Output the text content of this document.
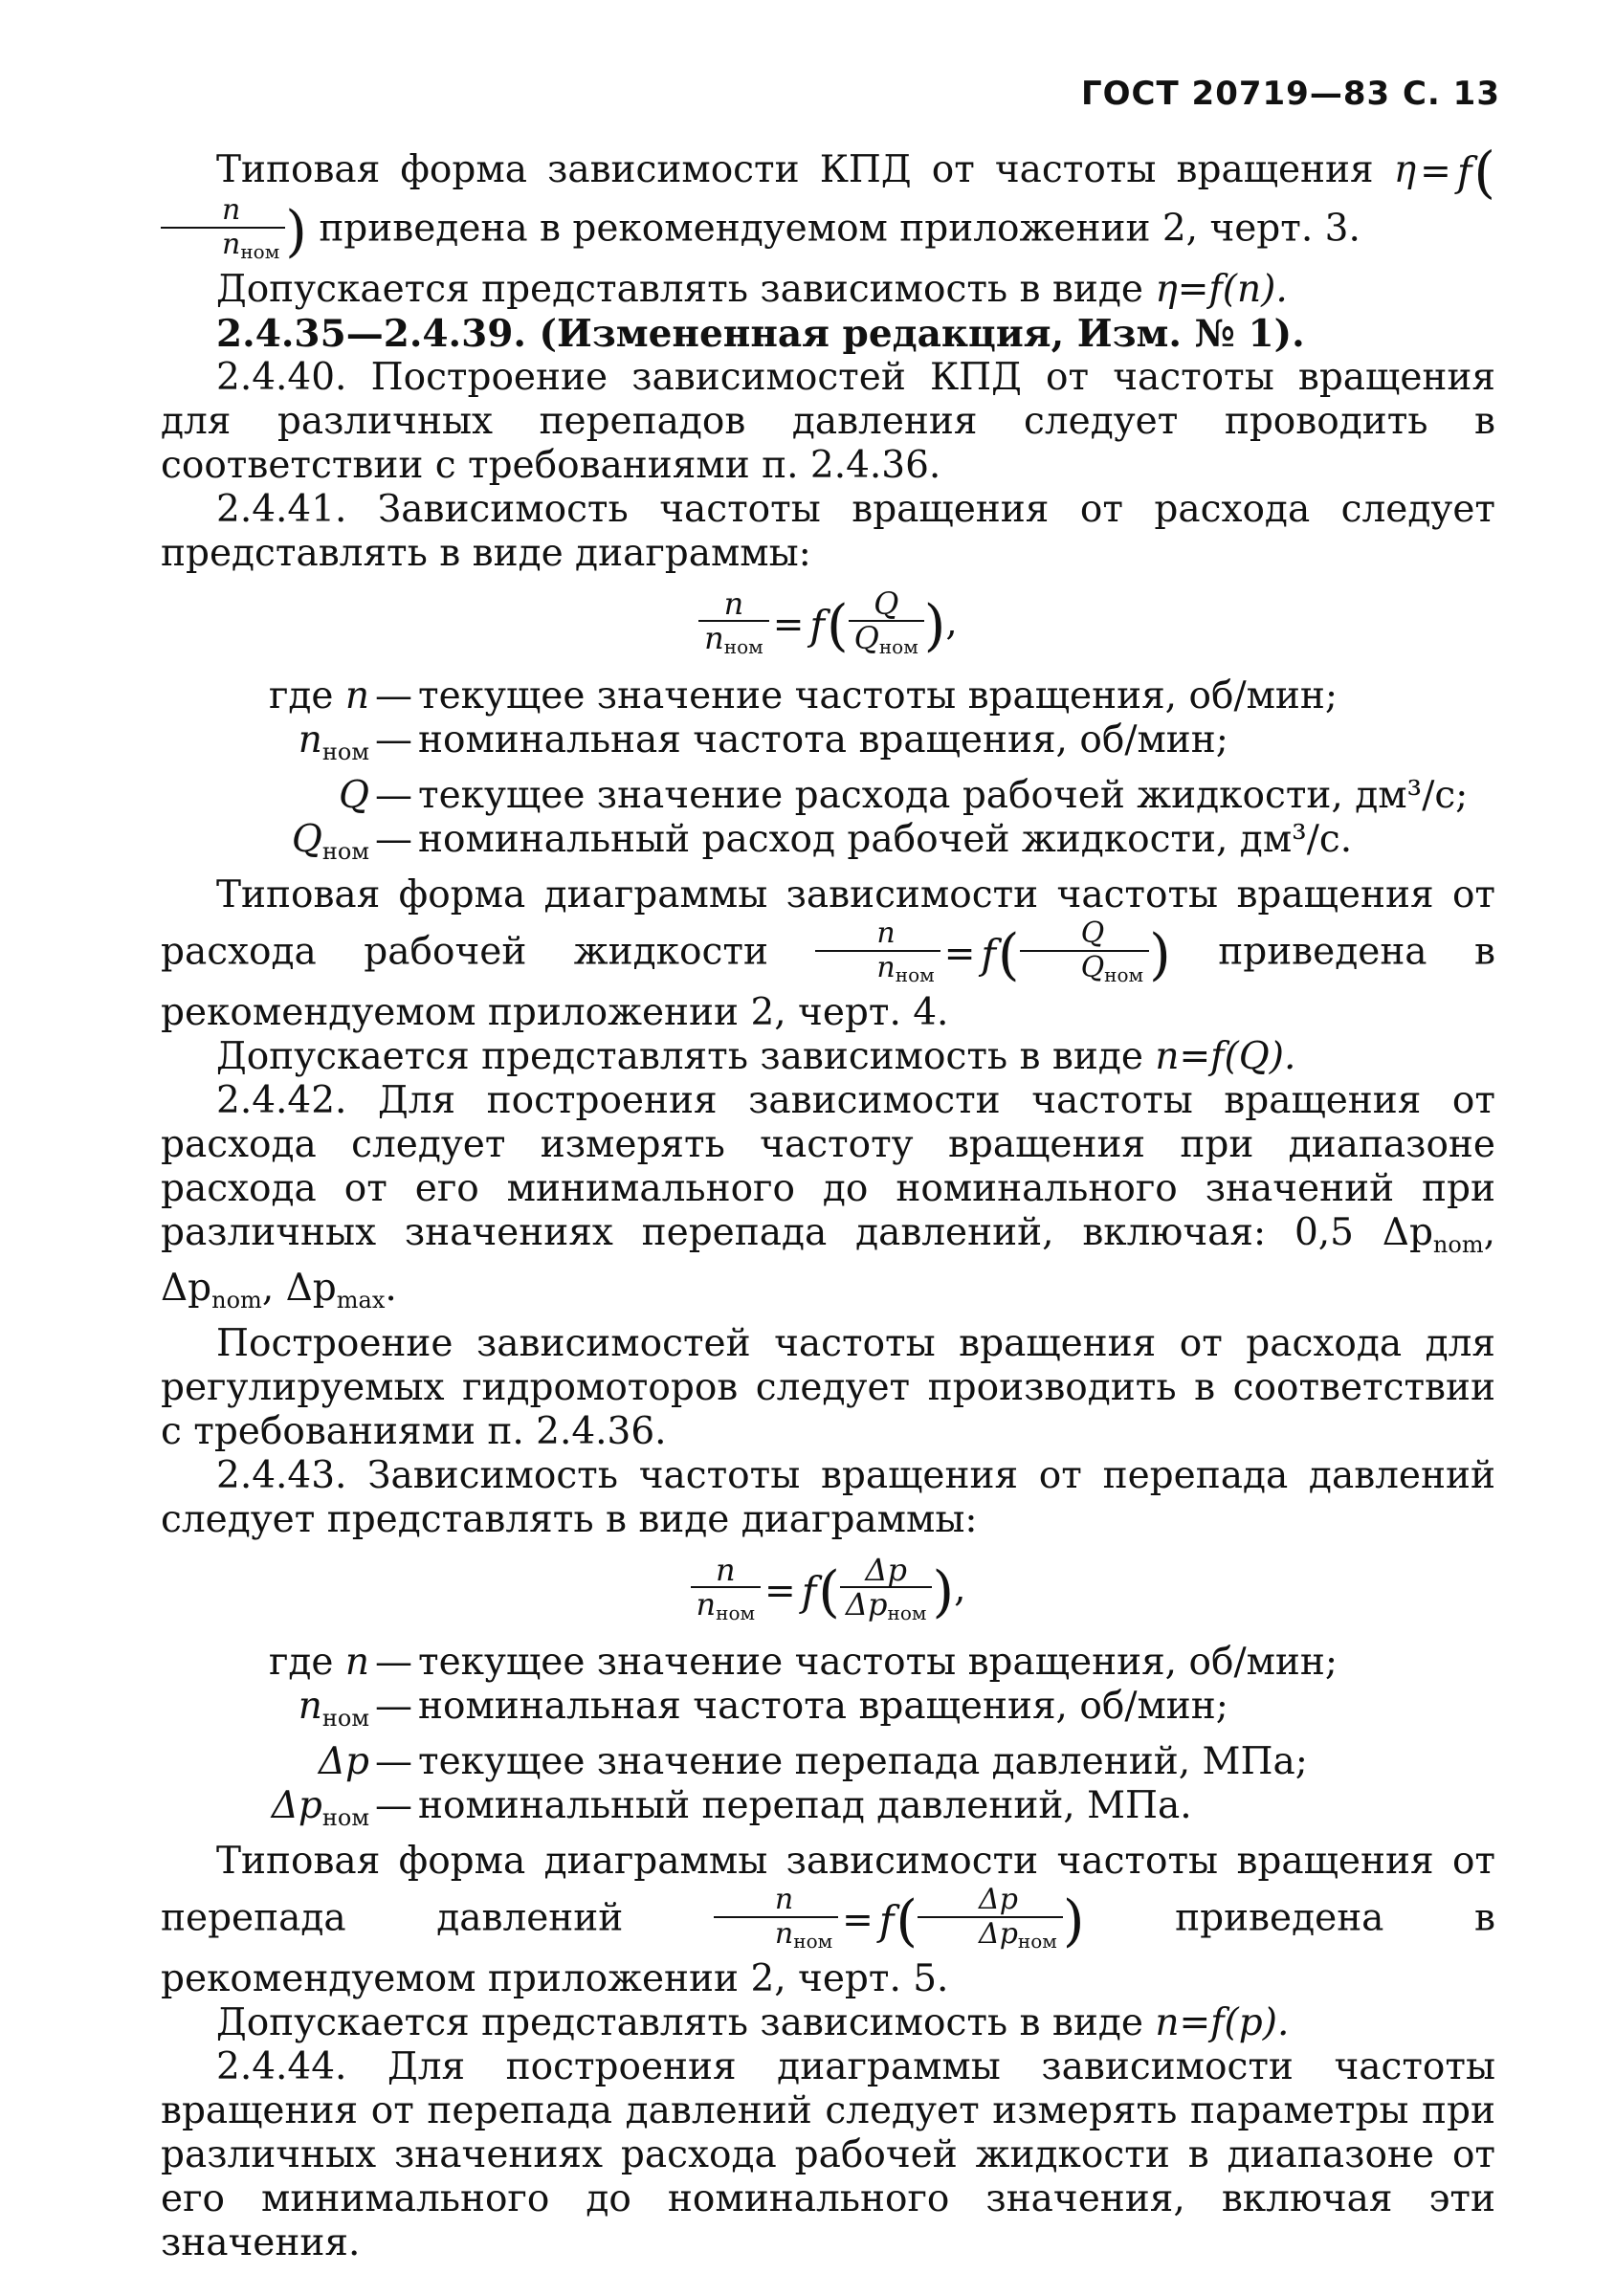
ГОСТ 20719—83 С. 13

Типовая форма зависимости КПД от частоты вращения η = f(
$\frac{n}{n_{ном}}$ ) приведена в рекомендуемом приложении 2, черт. 3.

Допускается представлять зависимость в виде η=f(n).

2.4.35—2.4.39. (Измененная редакция, Изм. № 1).

2.4.40. Построение зависимостей КПД от частоты вращения для различных перепадов давления следует проводить в соответствии с требованиями п. 2.4.36.

2.4.41. Зависимость частоты вращения от расхода следует представлять в виде диаграммы:

$\frac{n}{n_{ном}} = f( \frac{Q}{Q_{ном}}$ ),

где n — текущее значение частоты вращения, об/мин;

$n_{ном}$ — номинальная частота вращения, об/мин;

Q — текущее значение расхода рабочей жидкости, дм³/с;

$Q_{ном}$ — номинальный расход рабочей жидкости, дм³/с.

Типовая форма диаграммы зависимости частоты вращения от расхода рабочей жидкости $\frac{n}{n_{ном}} = f( \frac{Q}{Q_{ном}}$ ) приведена в рекомендуемом приложении 2, черт. 4.

Допускается представлять зависимость в виде n=f(Q).

2.4.42. Для построения зависимости частоты вращения от расхода следует измерять частоту вращения при диапазоне расхода от его минимального до номинального значений при различных значениях перепада давлений, включая: 0,5 $\Delta p_{nom}$, $\Delta p_{nom}$, $\Delta p_{max}$.

Построение зависимостей частоты вращения от расхода для регулируемых гидромоторов следует производить в соответствии с требованиями п. 2.4.36.

2.4.43. Зависимость частоты вращения от перепада давлений следует представлять в виде диаграммы:

$\frac{n}{n_{ном}} = f( \frac{\Delta p}{\Delta p_{ном}}$ ),

где n — текущее значение частоты вращения, об/мин;

$n_{ном}$ — номинальная частота вращения, об/мин;

Δp — текущее значение перепада давлений, МПа;

$\Delta p_{ном}$ — номинальный перепад давлений, МПа.

Типовая форма диаграммы зависимости частоты вращения от перепада давлений	$\frac{n}{n_{ном}} = f( \frac{\Delta p}{\Delta p_{ном}}$ ) приведена в рекомендуемом приложении 2, черт. 5.

Допускается представлять зависимость в виде n=f(p).

2.4.44. Для построения диаграммы зависимости частоты вращения от перепада давлений следует измерять параметры при различных значениях расхода рабочей жидкости в диапазоне от его минимального до номинального значения, включая эти значения.
